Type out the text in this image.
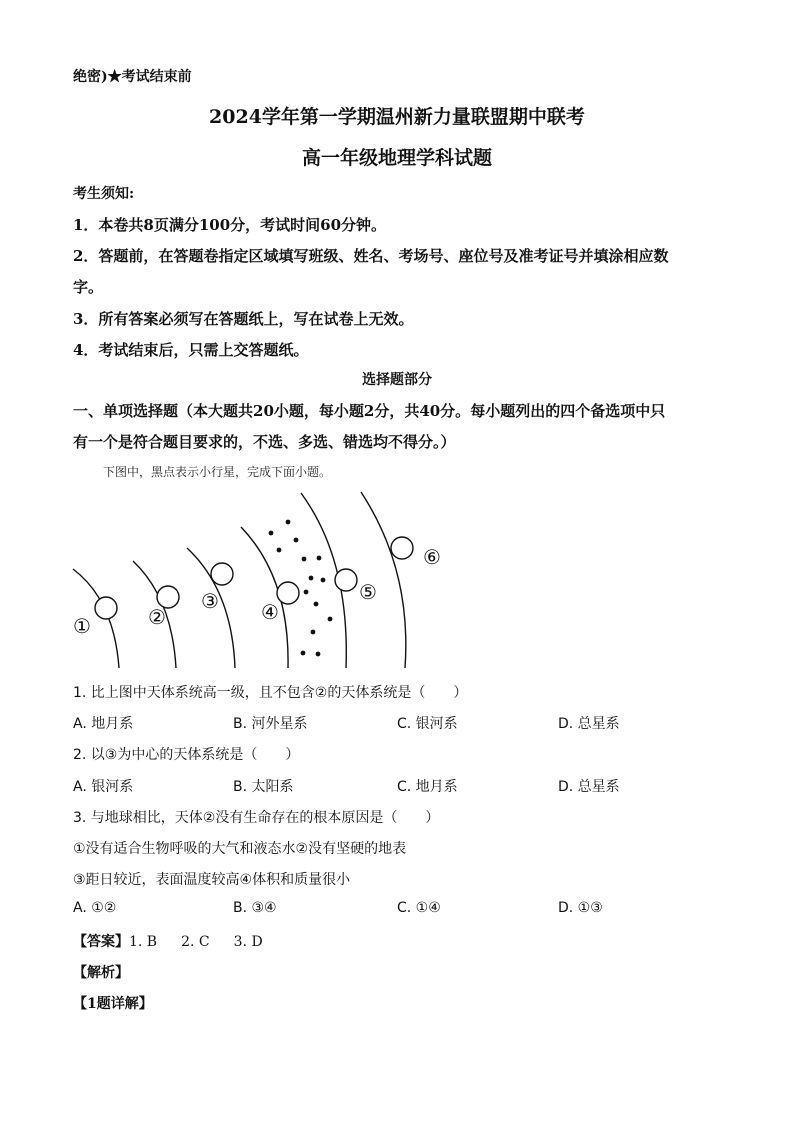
绝密)★考试结束前
2024学年第一学期温州新力量联盟期中联考
高一年级地理学科试题
考生须知:
1．本卷共8页满分100分，考试时间60分钟。
2．答题前，在答题卷指定区域填写班级、姓名、考场号、座位号及准考证号并填涂相应数
字。
3．所有答案必须写在答题纸上，写在试卷上无效。
4．考试结束后，只需上交答题纸。
选择题部分
一、单项选择题（本大题共20小题，每小题2分，共40分。每小题列出的四个备选项中只
有一个是符合题目要求的，不选、多选、错选均不得分。）
下图中，黑点表示小行星，完成下面小题。
①	②
③ ④
⑤
⑥
1. 比上图中天体系统高一级，且不包含②的天体系统是（　　）
A. 地月系	B. 河外星系	C. 银河系	D. 总星系
2. 以③为中心的天体系统是（　　）
A. 银河系	B. 太阳系	C. 地月系	D. 总星系
3. 与地球相比，天体②没有生命存在的根本原因是（　　）
①没有适合生物呼吸的大气和液态水②没有坚硬的地表
③距日较近，表面温度较高④体积和质量很小
A. ①②	B. ③④	C. ①④	D. ①③
【答案】1. B 2. C 3. D
【解析】
【1题详解】
